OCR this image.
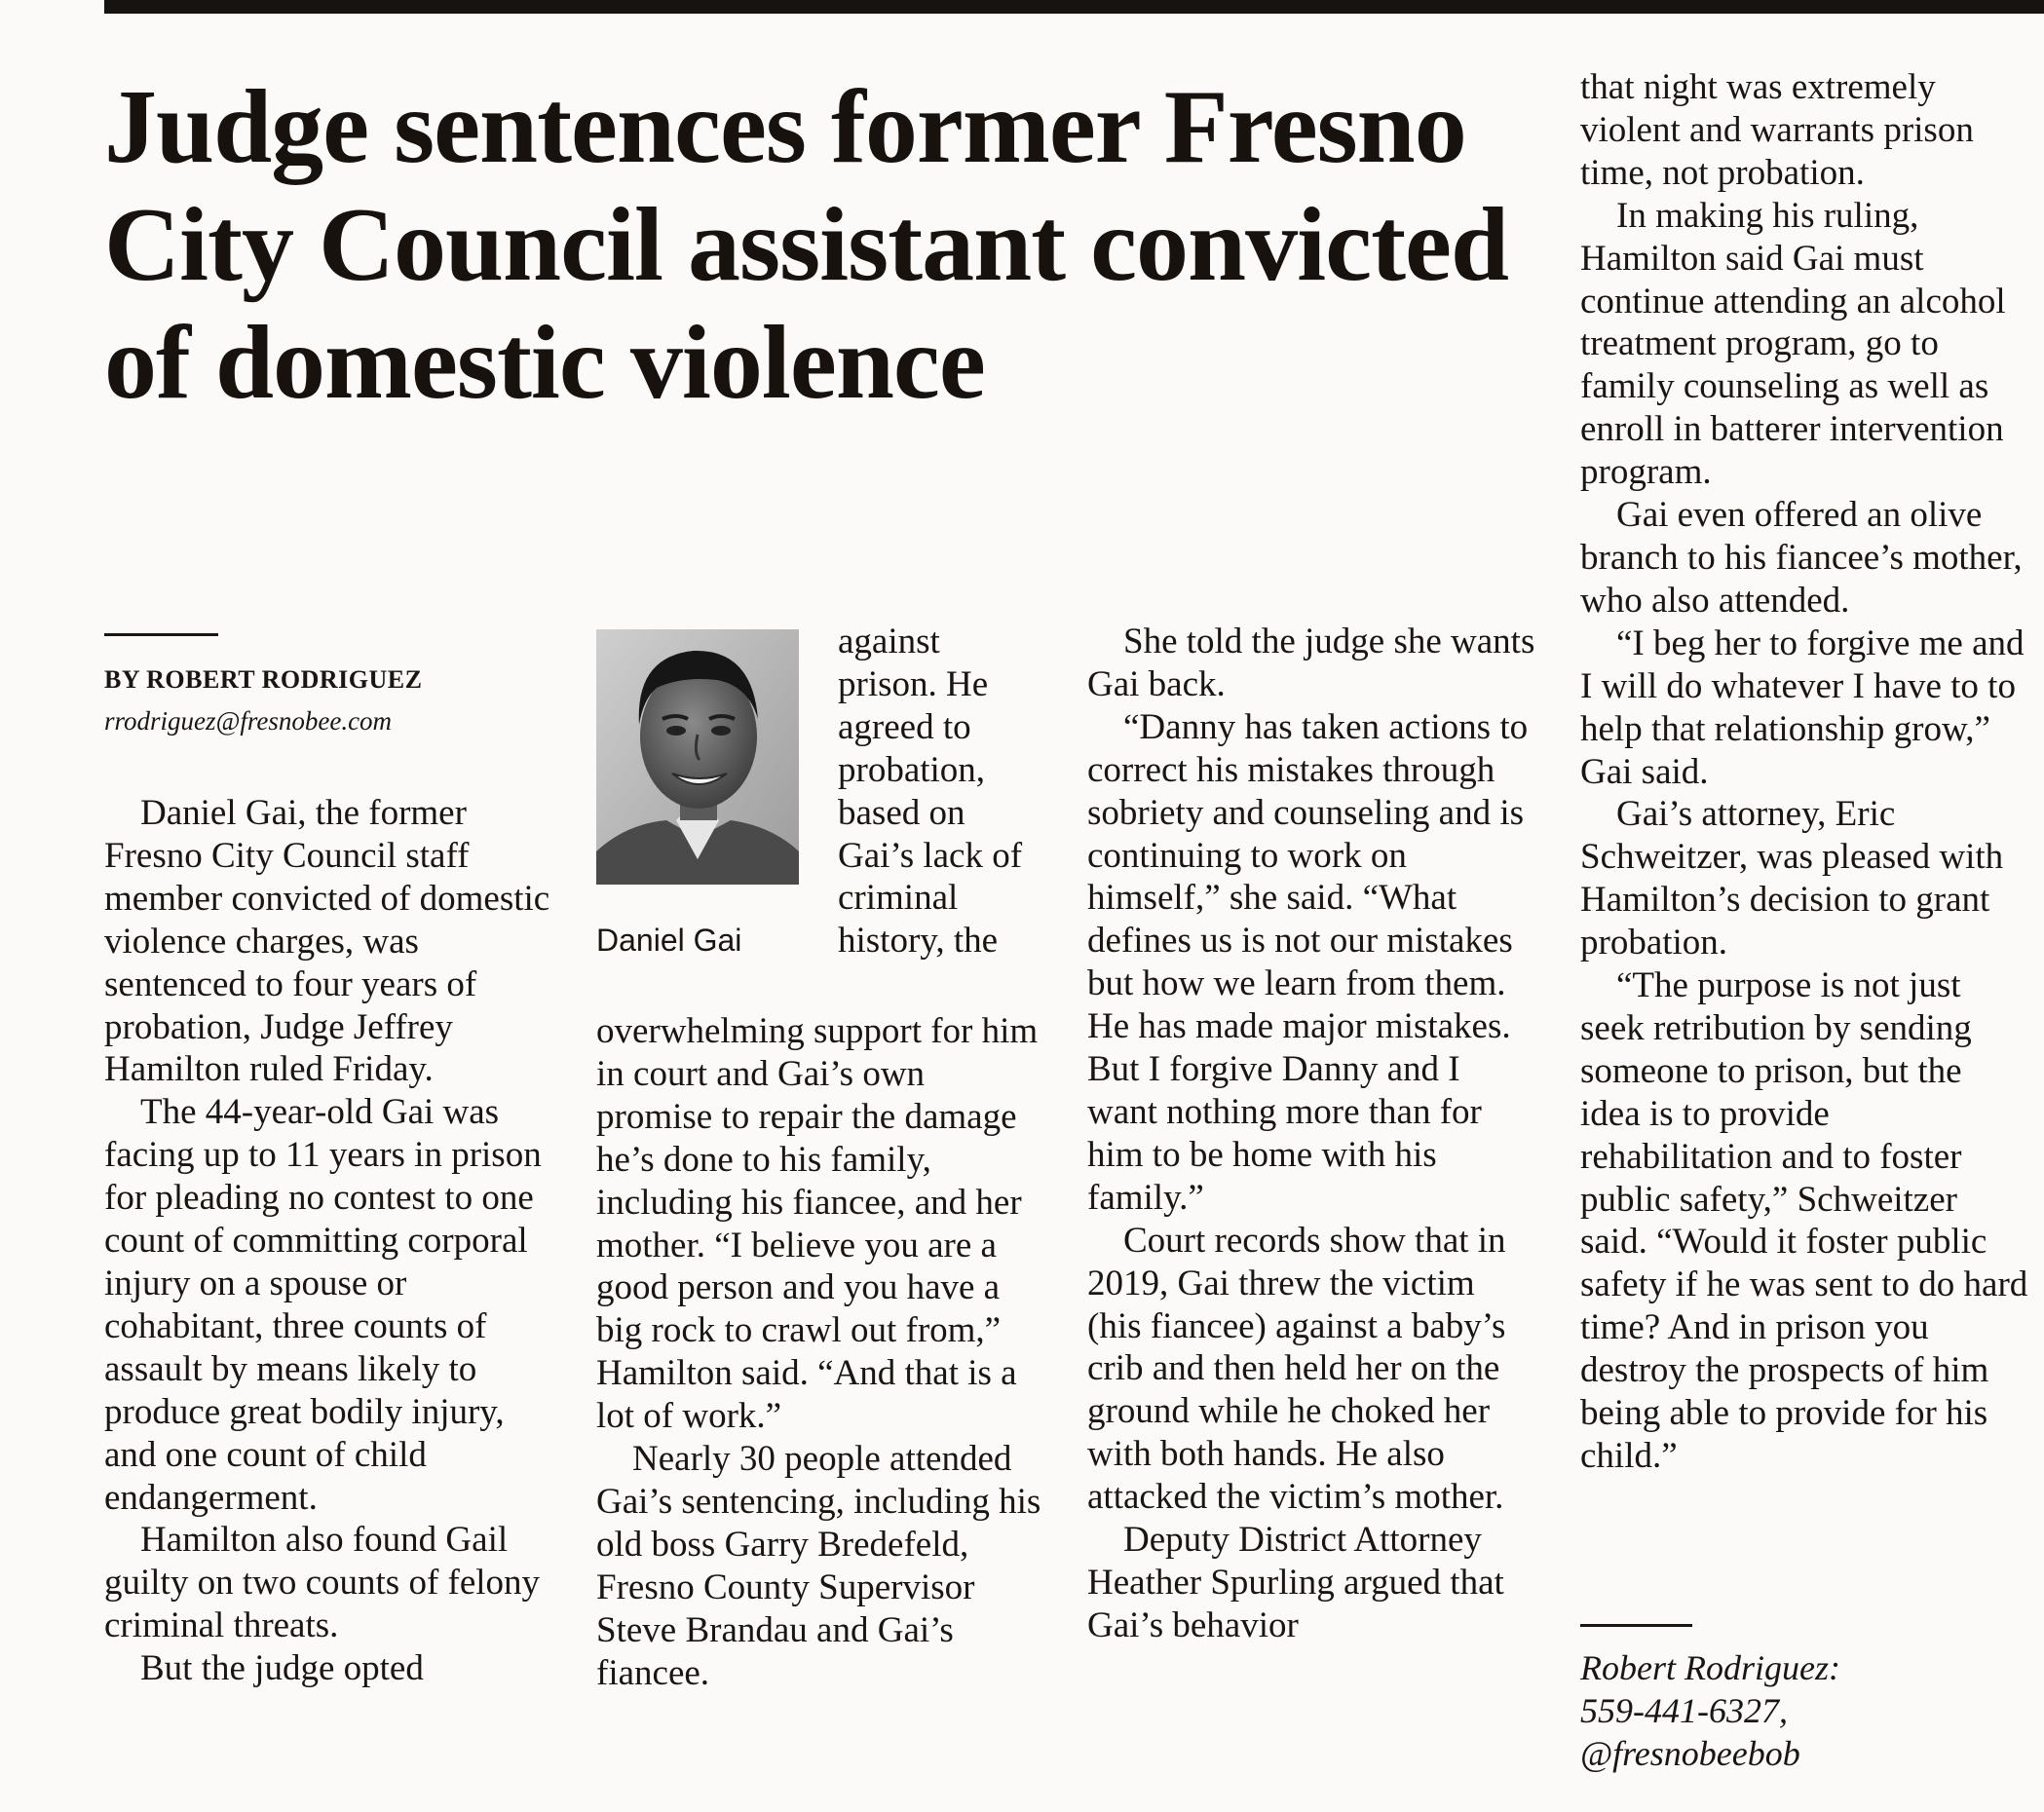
Judge sentences former Fresno City Council assistant convicted of domestic violence
BY ROBERT RODRIGUEZ
rrodriguez@fresnobee.com
Daniel Gai

Daniel Gai, the former Fresno City Council staff member convicted of domestic violence charges, was sentenced to four years of probation, Judge Jeffrey Hamilton ruled Friday.

The 44-year-old Gai was facing up to 11 years in prison for pleading no contest to one count of committing corporal injury on a spouse or cohabitant, three counts of assault by means likely to produce great bodily injury, and one count of child endangerment.

Hamilton also found Gail guilty on two counts of felony criminal threats.

But the judge opted

against prison. He agreed to probation, based on Gai’s lack of criminal history, the overwhelming support for him in court and Gai’s own promise to repair the damage he’s done to his family, including his fiancee, and her mother. “I believe you are a good person and you have a big rock to crawl out from,” Hamilton said. “And that is a lot of work.”

Nearly 30 people attended Gai’s sentencing, including his old boss Garry Bredefeld, Fresno County Supervisor Steve Brandau and Gai’s fiancee.

She told the judge she wants Gai back.

“Danny has taken actions to correct his mistakes through sobriety and counseling and is continuing to work on himself,” she said. “What defines us is not our mistakes but how we learn from them. He has made major mistakes. But I forgive Danny and I want nothing more than for him to be home with his family.”

Court records show that in 2019, Gai threw the victim (his fiancee) against a baby’s crib and then held her on the ground while he choked her with both hands. He also attacked the victim’s mother.

Deputy District Attorney Heather Spurling argued that Gai’s behavior

that night was extremely violent and warrants prison time, not probation.

In making his ruling, Hamilton said Gai must continue attending an alcohol treatment program, go to family counseling as well as enroll in batterer intervention program.

Gai even offered an olive branch to his fiancee’s mother, who also attended.

“I beg her to forgive me and I will do whatever I have to to help that relationship grow,” Gai said.

Gai’s attorney, Eric Schweitzer, was pleased with Hamilton’s decision to grant probation.

“The purpose is not just seek retribution by sending someone to prison, but the idea is to provide rehabilitation and to foster public safety,” Schweitzer said. “Would it foster public safety if he was sent to do hard time? And in prison you destroy the prospects of him being able to provide for his child.”

Robert Rodriguez:
559-441-6327,
@fresnobeebob
